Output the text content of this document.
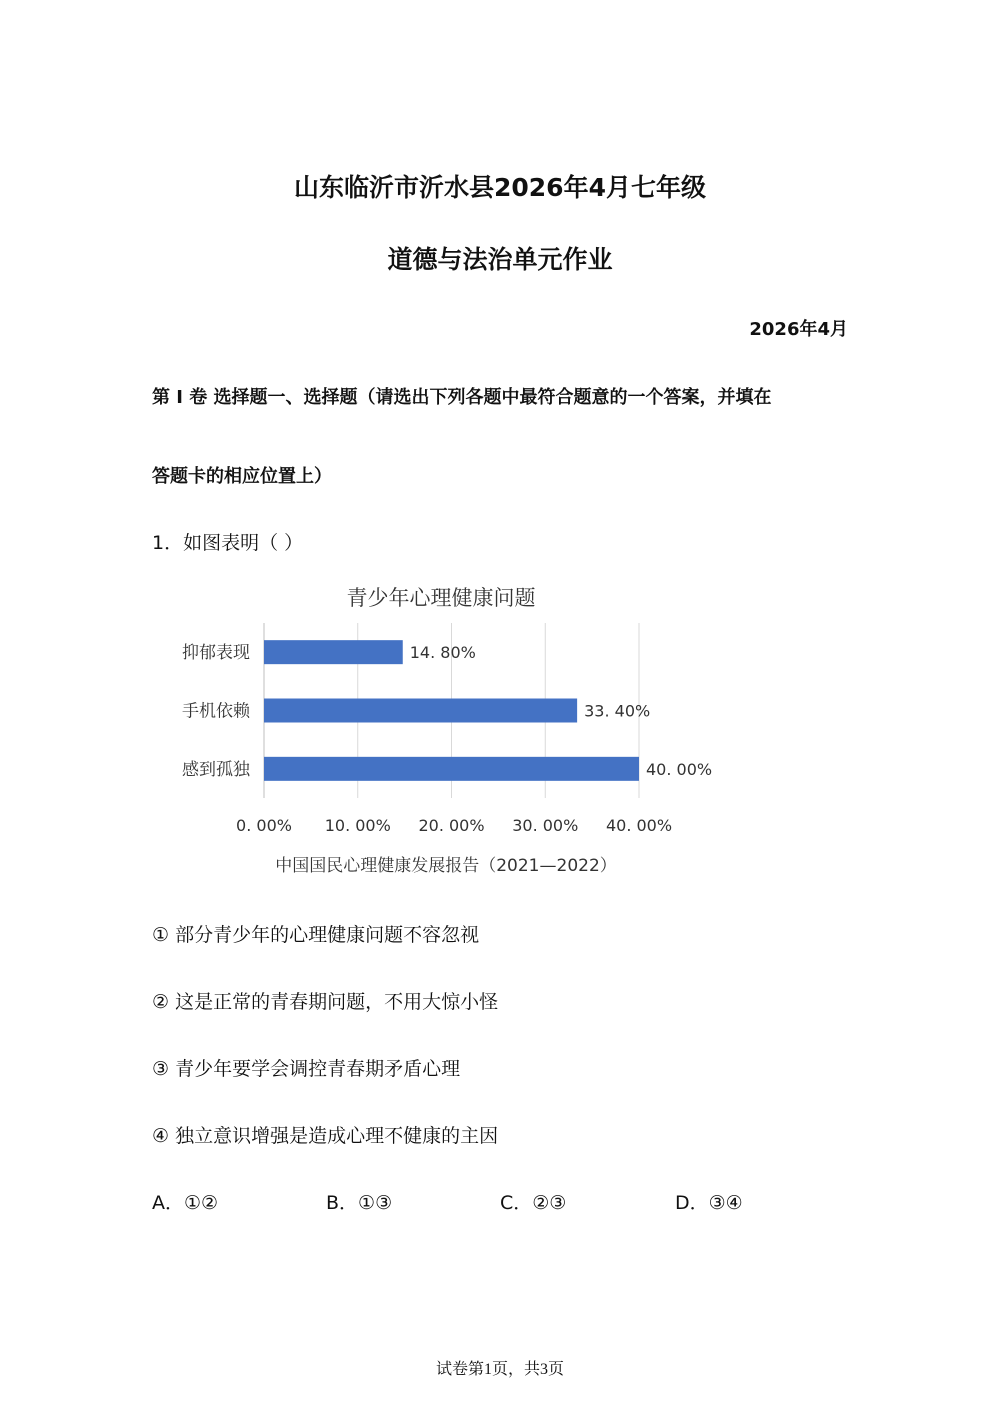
山东临沂市沂水县2026年4月七年级
道德与法治单元作业
2026年4月
第 I 卷 选择题一、选择题（请选出下列各题中最符合题意的一个答案，并填在
答题卡的相应位置上）
1．如图表明（ ）
青少年心理健康问题
抑郁表现
手机依赖
感到孤独
14. 80%
33. 40%
40. 00%
0. 00% 10. 00% 20. 00% 30. 00% 40. 00%
中国国民心理健康发展报告（2021—2022）
① 部分青少年的心理健康问题不容忽视
② 这是正常的青春期问题，不用大惊小怪
③ 青少年要学会调控青春期矛盾心理
④ 独立意识增强是造成心理不健康的主因
A．①②	B．①③	C．②③	D．③④
试卷第1页，共3页
